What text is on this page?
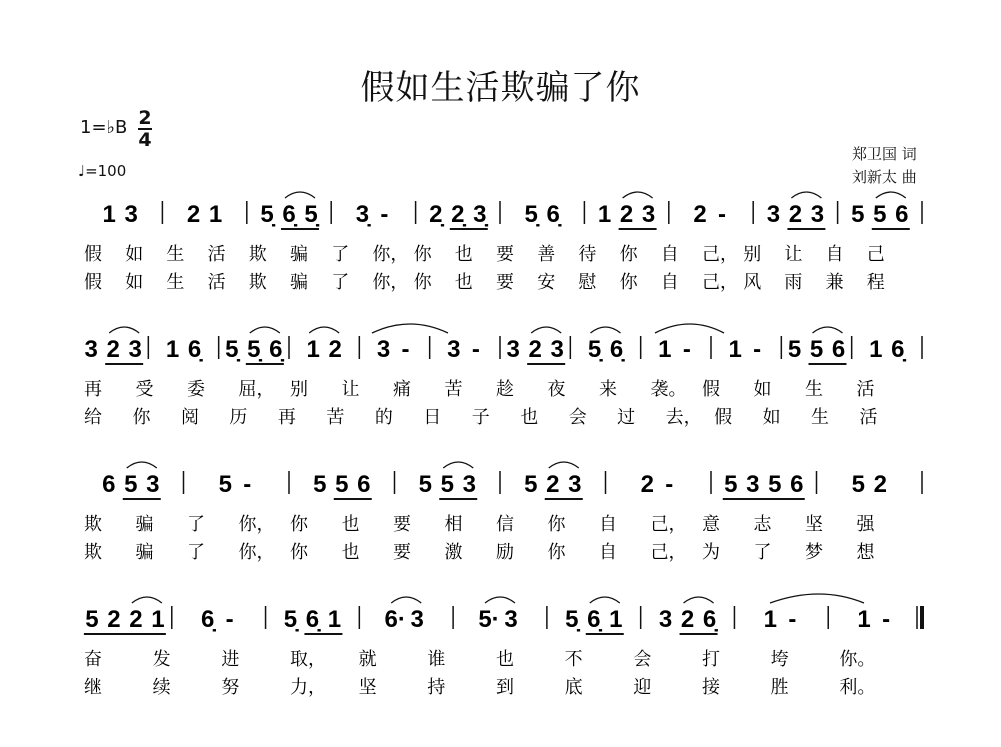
假如生活欺骗了你
1=♭B 2
4
♩=100
郑卫国 词
刘新太 曲
1 3 2 1 5̣ 6̣ 5̣ 3̣ - 2̣ 2̣ 3̣ 5̣ 6̣ 1 2 3 2 - 3 2 3 5 5 6
假 如 生 活 欺 骗 了 你， 你 也 要 善 待 你 自 己， 别 让 自 己
假 如 生 活 欺 骗 了 你， 你 也 要 安 慰 你 自 己， 风 雨 兼 程
3 2 3 1 6̣ 5̣ 5̣ 6̣ 1 2 3 - 3 - 3 2 3 5̣ 6̣ 1 - 1 - 5 5 6 1 6̣
再 受 委 屈， 别 让 痛 苦 趁 夜 来 袭。 假 如 生 活
给 你 阅 历 再 苦 的 日 子 也 会 过 去， 假 如 生 活
6 5 3 5 -	5 5 6 5 5 3 5 2 3 2 - 5 3 5 6 5 2
欺 骗 了 你， 你 也 要 相 信 你 自 己， 意 志 坚 强
欺 骗 了 你， 你 也 要 激 励 你 自 己， 为 了 梦 想
5 2 2 1 6̣ - 5̣ 6̣ 1 6· 3 5· 3 5̣ 6̣ 1 3 2 6̣ 1 -	1 -
奋	发	进	取， 就	谁	也	不	会	打	垮	你。
继	续	努	力， 坚	持	到	底	迎	接	胜	利。
